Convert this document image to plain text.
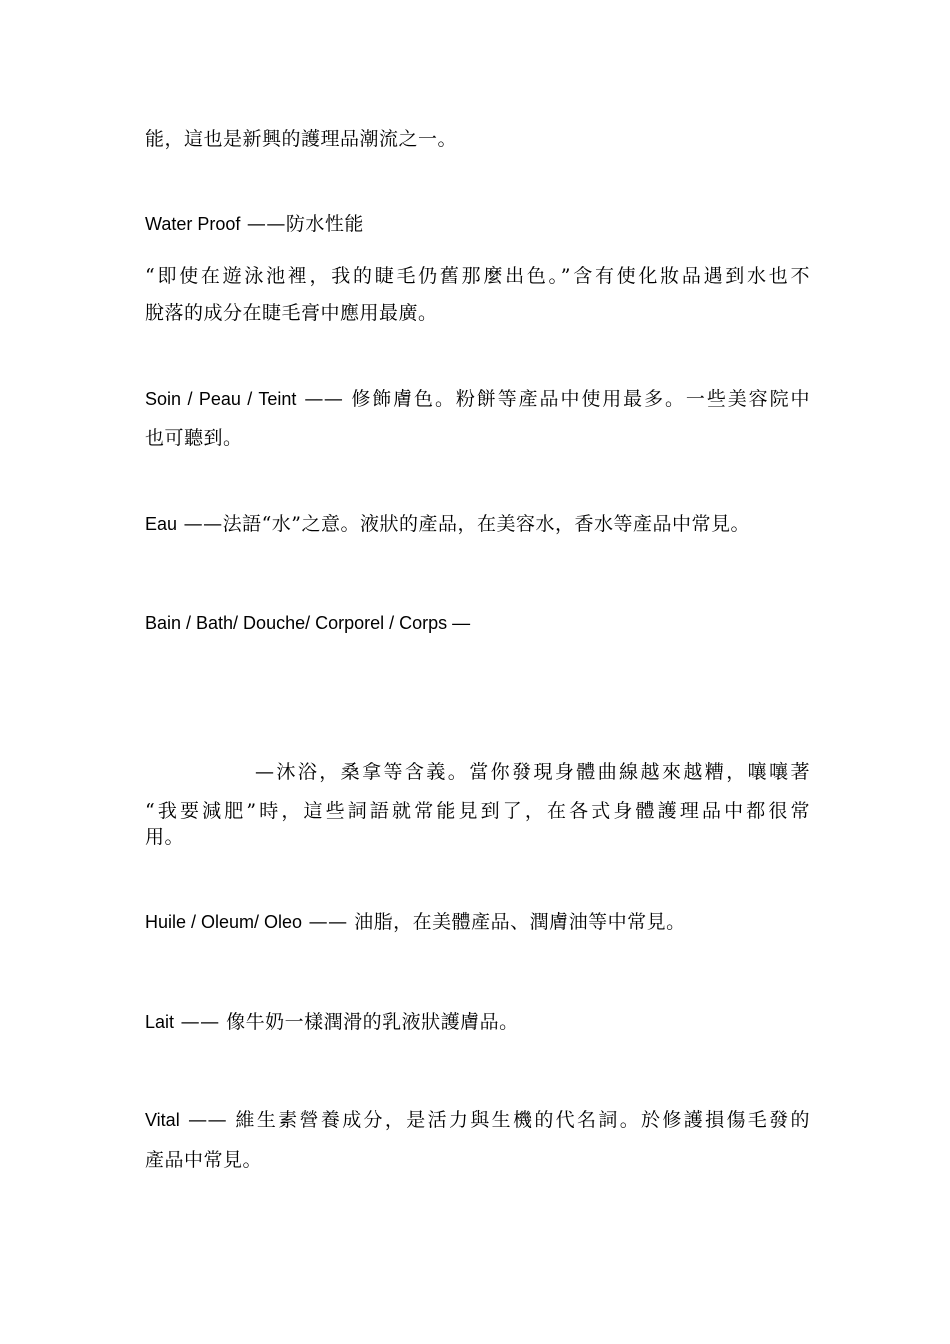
能，這也是新興的護理品潮流之一。
Water Proof ——防水性能
“即使在遊泳池裡，我的睫毛仍舊那麼出色。”含有使化妝品遇到水也不
脫落的成分在睫毛膏中應用最廣。
Soin / Peau / Teint —— 修飾膚色。粉餅等產品中使用最多。一些美容院中
也可聽到。
Eau ——法語“水”之意。液狀的產品，在美容水，香水等產品中常見。
Bain / Bath/ Douche/ Corporel / Corps —
—沐浴，桑拿等含義。當你發現身體曲線越來越糟，嚷嚷著
“我要減肥”時，這些詞語就常能見到了，在各式身體護理品中都很常
用。
Huile / Oleum/ Oleo —— 油脂，在美體產品、潤膚油等中常見。
Lait —— 像牛奶一樣潤滑的乳液狀護膚品。
Vital —— 維生素營養成分，是活力與生機的代名詞。於修護損傷毛發的
產品中常見。
